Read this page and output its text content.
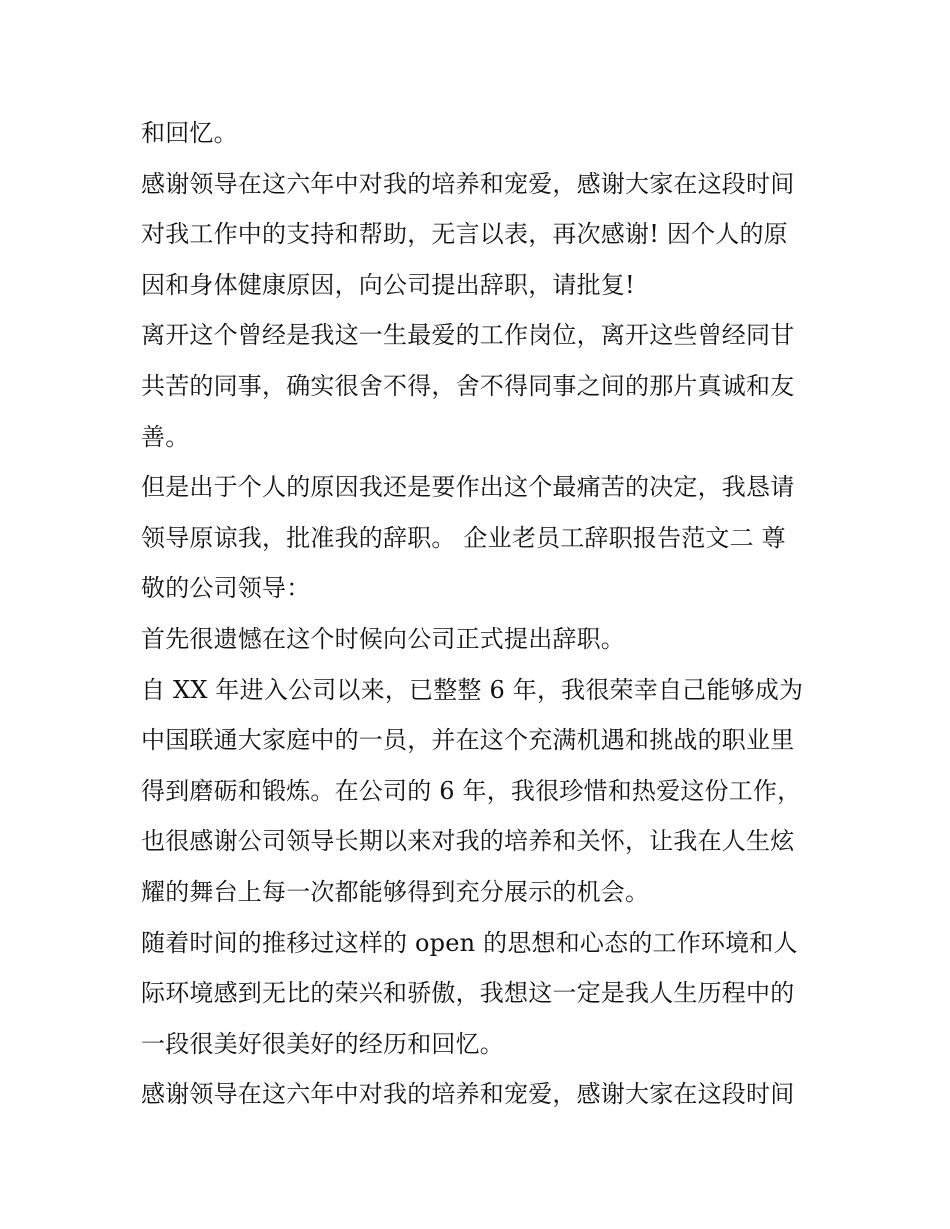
和回忆。

感谢领导在这六年中对我的培养和宠爱，感谢大家在这段时间

对我工作中的支持和帮助，无言以表，再次感谢! 因个人的原

因和身体健康原因，向公司提出辞职，请批复!

离开这个曾经是我这一生最爱的工作岗位，离开这些曾经同甘

共苦的同事，确实很舍不得，舍不得同事之间的那片真诚和友

善。

但是出于个人的原因我还是要作出这个最痛苦的决定，我恳请

领导原谅我，批准我的辞职。 企业老员工辞职报告范文二 尊

敬的公司领导：

首先很遗憾在这个时候向公司正式提出辞职。

自 XX 年进入公司以来，已整整 6 年，我很荣幸自己能够成为

中国联通大家庭中的一员，并在这个充满机遇和挑战的职业里

得到磨砺和锻炼。在公司的 6 年，我很珍惜和热爱这份工作，

也很感谢公司领导长期以来对我的培养和关怀，让我在人生炫

耀的舞台上每一次都能够得到充分展示的机会。

随着时间的推移过这样的 open 的思想和心态的工作环境和人

际环境感到无比的荣兴和骄傲，我想这一定是我人生历程中的

一段很美好很美好的经历和回忆。

感谢领导在这六年中对我的培养和宠爱，感谢大家在这段时间
